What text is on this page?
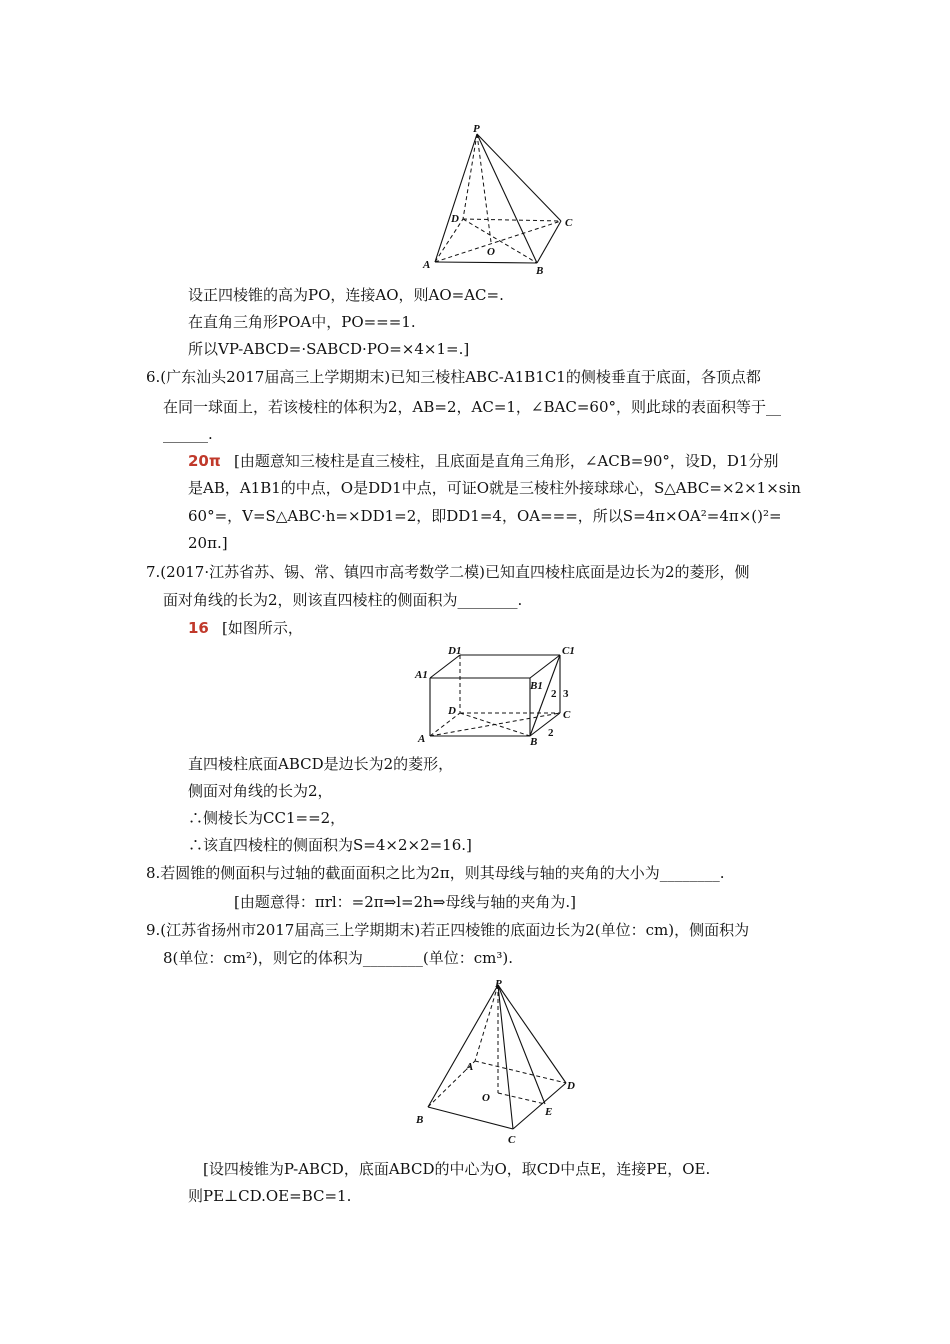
P
D	C
O
A	B
设正四棱锥的高为PO，连接AO，则AO=AC=.
在直角三角形POA中，PO===1.
所以VP-ABCD=·SABCD·PO=×4×1=.]
6.(广东汕头2017届高三上学期期末)已知三棱柱ABC-A1B1C1的侧棱垂直于底面，各顶点都
在同一球面上，若该棱柱的体积为2，AB=2，AC=1，∠BAC=60°，则此球的表面积等于__
______.
20π [由题意知三棱柱是直三棱柱，且底面是直角三角形，∠ACB=90°，设D，D1分别
是AB，A1B1的中点，O是DD1中点，可证O就是三棱柱外接球球心，S△ABC=×2×1×sin
60°=，V=S△ABC·h=×DD1=2，即DD1=4，OA===，所以S=4π×OA²=4π×()²=
20π.]
7.(2017·江苏省苏、锡、常、镇四市高考数学二模)已知直四棱柱底面是边长为2的菱形，侧
面对角线的长为2，则该直四棱柱的侧面积为________.
16 [如图所示，
D1	C1
A1
B1
2 3
D	C
A	B
2
直四棱柱底面ABCD是边长为2的菱形，
侧面对角线的长为2，
∴侧棱长为CC1==2，
∴该直四棱柱的侧面积为S=4×2×2=16.]
8.若圆锥的侧面积与过轴的截面面积之比为2π，则其母线与轴的夹角的大小为________.
[由题意得：πrl：=2π⇒l=2h⇒母线与轴的夹角为.]
9.(江苏省扬州市2017届高三上学期期末)若正四棱锥的底面边长为2(单位：cm)，侧面积为
8(单位：cm²)，则它的体积为________(单位：cm³).
P
A
D
O
E
B
C
[设四棱锥为P-ABCD，底面ABCD的中心为O，取CD中点E，连接PE，OE.
则PE⊥CD.OE=BC=1.
